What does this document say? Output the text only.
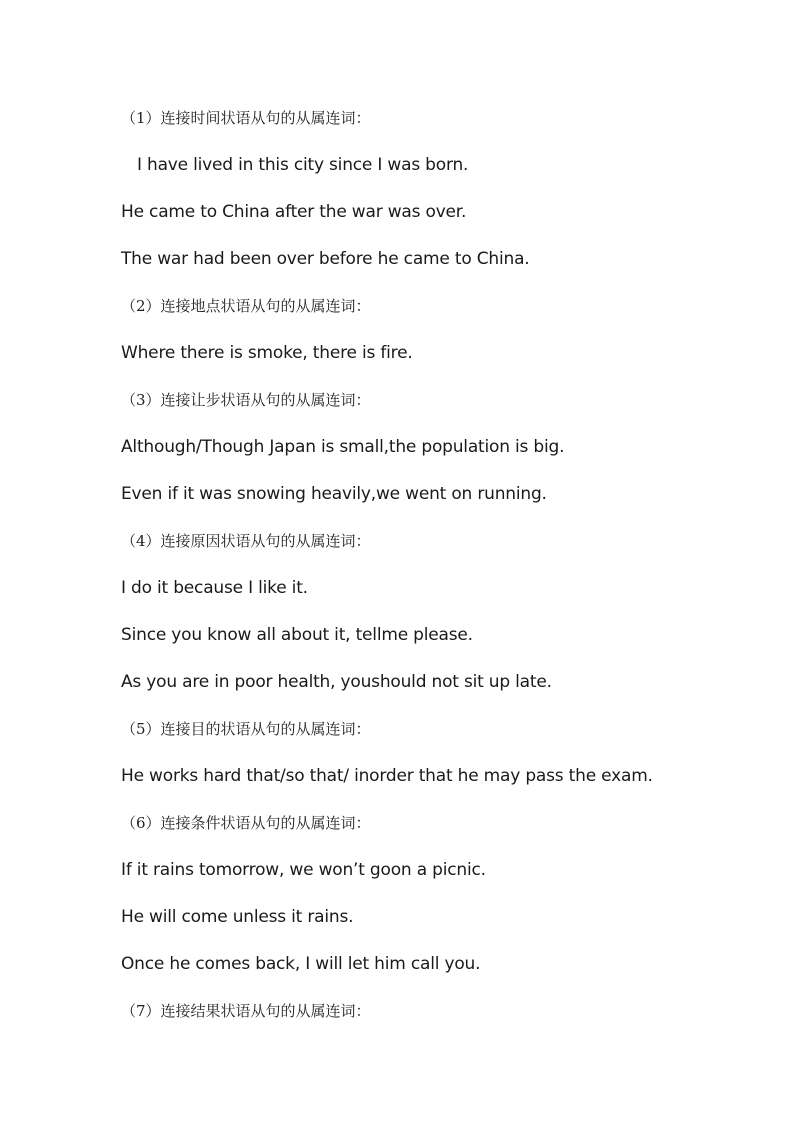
（1）连接时间状语从句的从属连词：
I have lived in this city since I was born.
He came to China after the war was over.
The war had been over before he came to China.
（2）连接地点状语从句的从属连词：
Where there is smoke, there is fire.
（3）连接让步状语从句的从属连词：
Although/Though Japan is small,the population is big.
Even if it was snowing heavily,we went on running.
（4）连接原因状语从句的从属连词：
I do it because I like it.
Since you know all about it, tellme please.
As you are in poor health, youshould not sit up late.
（5）连接目的状语从句的从属连词：
He works hard that/so that/ inorder that he may pass the exam.
（6）连接条件状语从句的从属连词：
If it rains tomorrow, we won’t goon a picnic.
He will come unless it rains.
Once he comes back, I will let him call you.
（7）连接结果状语从句的从属连词：
